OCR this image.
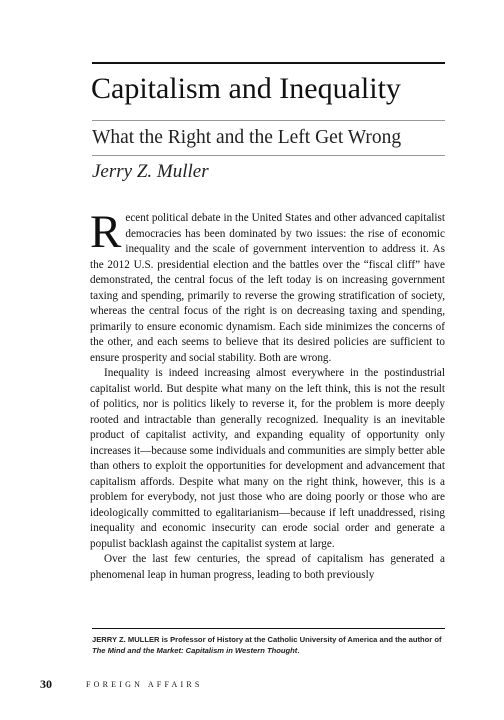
Capitalism and Inequality
What the Right and the Left Get Wrong
Jerry Z. Muller

Recent political debate in the United States and other advanced capitalist democracies has been dominated by two issues: the rise of economic inequality and the scale of government intervention to address it. As the 2012 U.S. presidential election and the battles over the “fiscal cliff” have demonstrated, the central focus of the left today is on increasing government taxing and spending, primarily to reverse the growing stratification of society, whereas the central focus of the right is on decreasing taxing and spending, primarily to ensure economic dynamism. Each side minimizes the concerns of the other, and each seems to believe that its desired policies are sufficient to ensure prosperity and social stability. Both are wrong.

Inequality is indeed increasing almost everywhere in the postindustrial capitalist world. But despite what many on the left think, this is not the result of politics, nor is politics likely to reverse it, for the problem is more deeply rooted and intractable than generally recognized. Inequality is an inevitable product of capitalist activity, and expanding equality of opportunity only increases it—because some individuals and communities are simply better able than others to exploit the opportunities for development and advancement that capitalism affords. Despite what many on the right think, however, this is a problem for everybody, not just those who are doing poorly or those who are ideologically committed to egalitarianism—because if left unaddressed, rising inequality and economic insecurity can erode social order and generate a populist backlash against the capitalist system at large.

Over the last few centuries, the spread of capitalism has generated a phenomenal leap in human progress, leading to both previously

JERRY Z. MULLER is Professor of History at the Catholic University of America and the author of The Mind and the Market: Capitalism in Western Thought.
30	FOREIGN AFFAIRS
